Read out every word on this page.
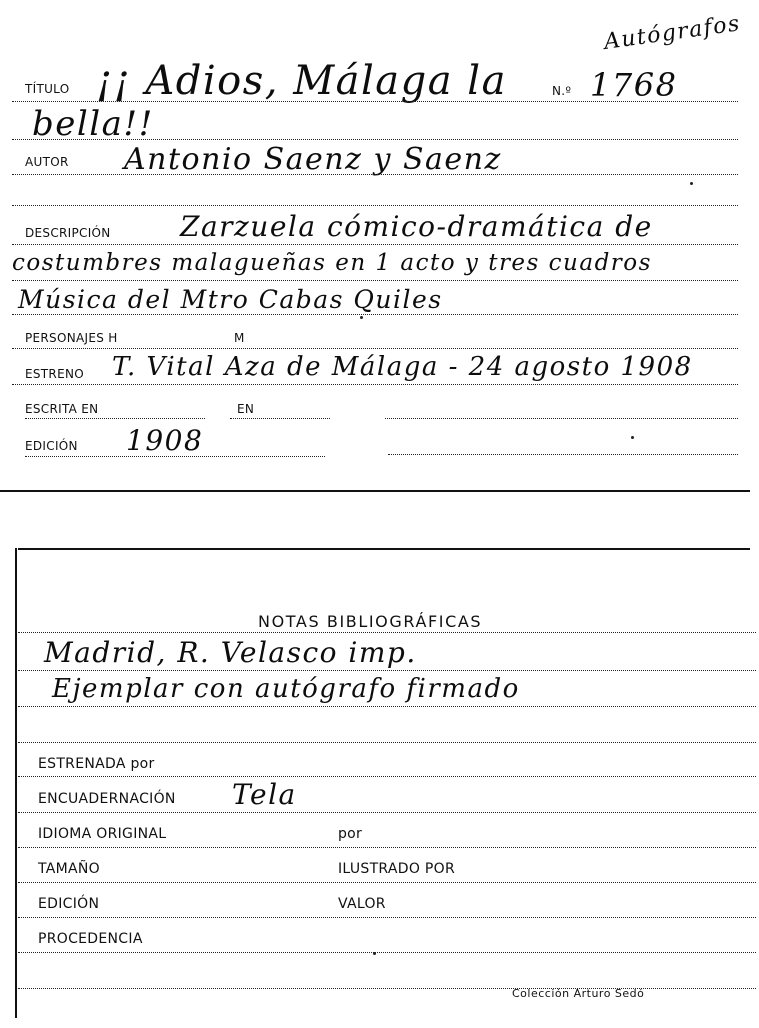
Autógrafos
TÍTULO ¡¡ Adios, Málaga la	N.º 1768
bella!!
AUTOR Antonio Saenz y Saenz
DESCRIPCIÓN Zarzuela cómico-dramática de
costumbres malagueñas en 1 acto y tres cuadros
Música del Mtro Cabas Quiles
PERSONAJES H	M
ESTRENO T. Vital Aza de Málaga - 24 agosto 1908
ESCRITA EN	EN
EDICIÓN 1908
NOTAS BIBLIOGRÁFICAS
Madrid, R. Velasco imp.
Ejemplar con autógrafo firmado
ESTRENADA por
ENCUADERNACIÓN Tela
IDIOMA ORIGINAL	por
TAMAÑO	ILUSTRADO POR
EDICIÓN	VALOR
PROCEDENCIA
Colección Arturo Sedó
